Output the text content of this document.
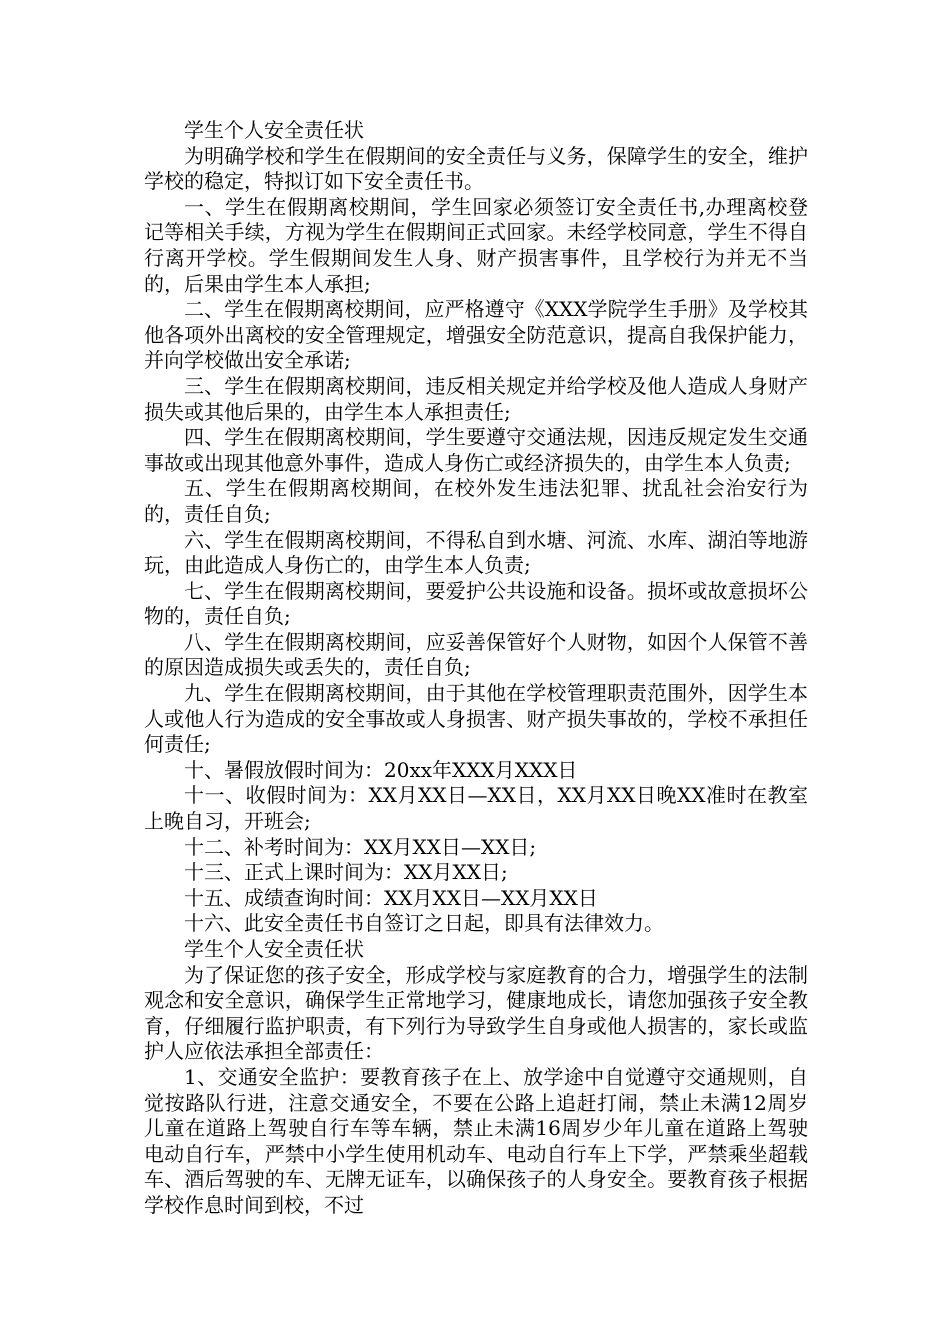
学生个人安全责任状

为明确学校和学生在假期间的安全责任与义务，保障学生的安全，维护学校的稳定，特拟订如下安全责任书。

一、学生在假期离校期间，学生回家必须签订安全责任书,办理离校登记等相关手续，方视为学生在假期间正式回家。未经学校同意，学生不得自行离开学校。学生假期间发生人身、财产损害事件，且学校行为并无不当的，后果由学生本人承担;

二、学生在假期离校期间，应严格遵守《XXX学院学生手册》及学校其他各项外出离校的安全管理规定，增强安全防范意识，提高自我保护能力，并向学校做出安全承诺;

三、学生在假期离校期间，违反相关规定并给学校及他人造成人身财产损失或其他后果的，由学生本人承担责任;

四、学生在假期离校期间，学生要遵守交通法规，因违反规定发生交通事故或出现其他意外事件，造成人身伤亡或经济损失的，由学生本人负责;

五、学生在假期离校期间，在校外发生违法犯罪、扰乱社会治安行为的，责任自负;

六、学生在假期离校期间，不得私自到水塘、河流、水库、湖泊等地游玩，由此造成人身伤亡的，由学生本人负责;

七、学生在假期离校期间，要爱护公共设施和设备。损坏或故意损坏公物的，责任自负;

八、学生在假期离校期间，应妥善保管好个人财物，如因个人保管不善的原因造成损失或丢失的，责任自负;

九、学生在假期离校期间，由于其他在学校管理职责范围外，因学生本人或他人行为造成的安全事故或人身损害、财产损失事故的，学校不承担任何责任;

十、暑假放假时间为：20xx年XXX月XXX日

十一、收假时间为：XX月XX日—XX日，XX月XX日晚XX准时在教室上晚自习，开班会;

十二、补考时间为：XX月XX日—XX日;

十三、正式上课时间为：XX月XX日;

十五、成绩查询时间：XX月XX日—XX月XX日

十六、此安全责任书自签订之日起，即具有法律效力。

学生个人安全责任状

为了保证您的孩子安全，形成学校与家庭教育的合力，增强学生的法制观念和安全意识，确保学生正常地学习，健康地成长，请您加强孩子安全教育，仔细履行监护职责，有下列行为导致学生自身或他人损害的，家长或监护人应依法承担全部责任：

1、交通安全监护：要教育孩子在上、放学途中自觉遵守交通规则，自觉按路队行进，注意交通安全，不要在公路上追赶打闹，禁止未满12周岁儿童在道路上驾驶自行车等车辆，禁止未满16周岁少年儿童在道路上驾驶电动自行车，严禁中小学生使用机动车、电动自行车上下学，严禁乘坐超载车、酒后驾驶的车、无牌无证车，以确保孩子的人身安全。要教育孩子根据学校作息时间到校，不过
